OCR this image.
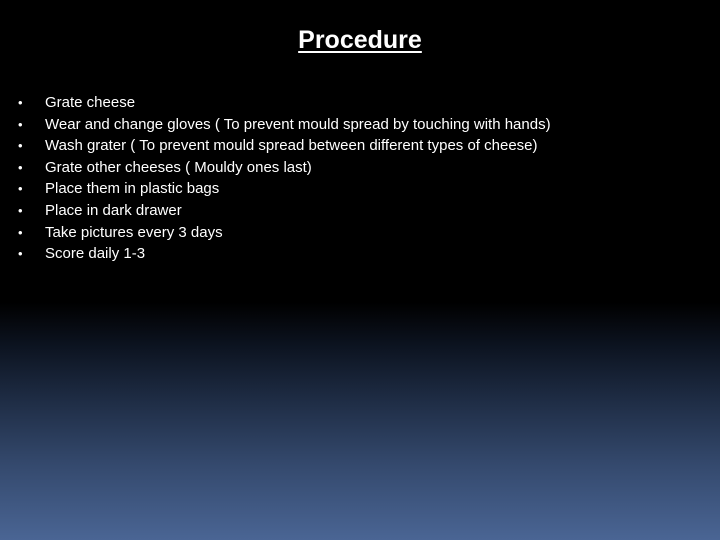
Procedure
•	Grate cheese
•	Wear and change gloves ( To prevent mould spread by touching with hands)
•	Wash grater ( To prevent mould spread between different types of cheese)
•	Grate other cheeses ( Mouldy ones last)
•	Place them in plastic bags
•	Place in dark drawer
•	Take pictures every 3 days
•	Score daily 1-3
